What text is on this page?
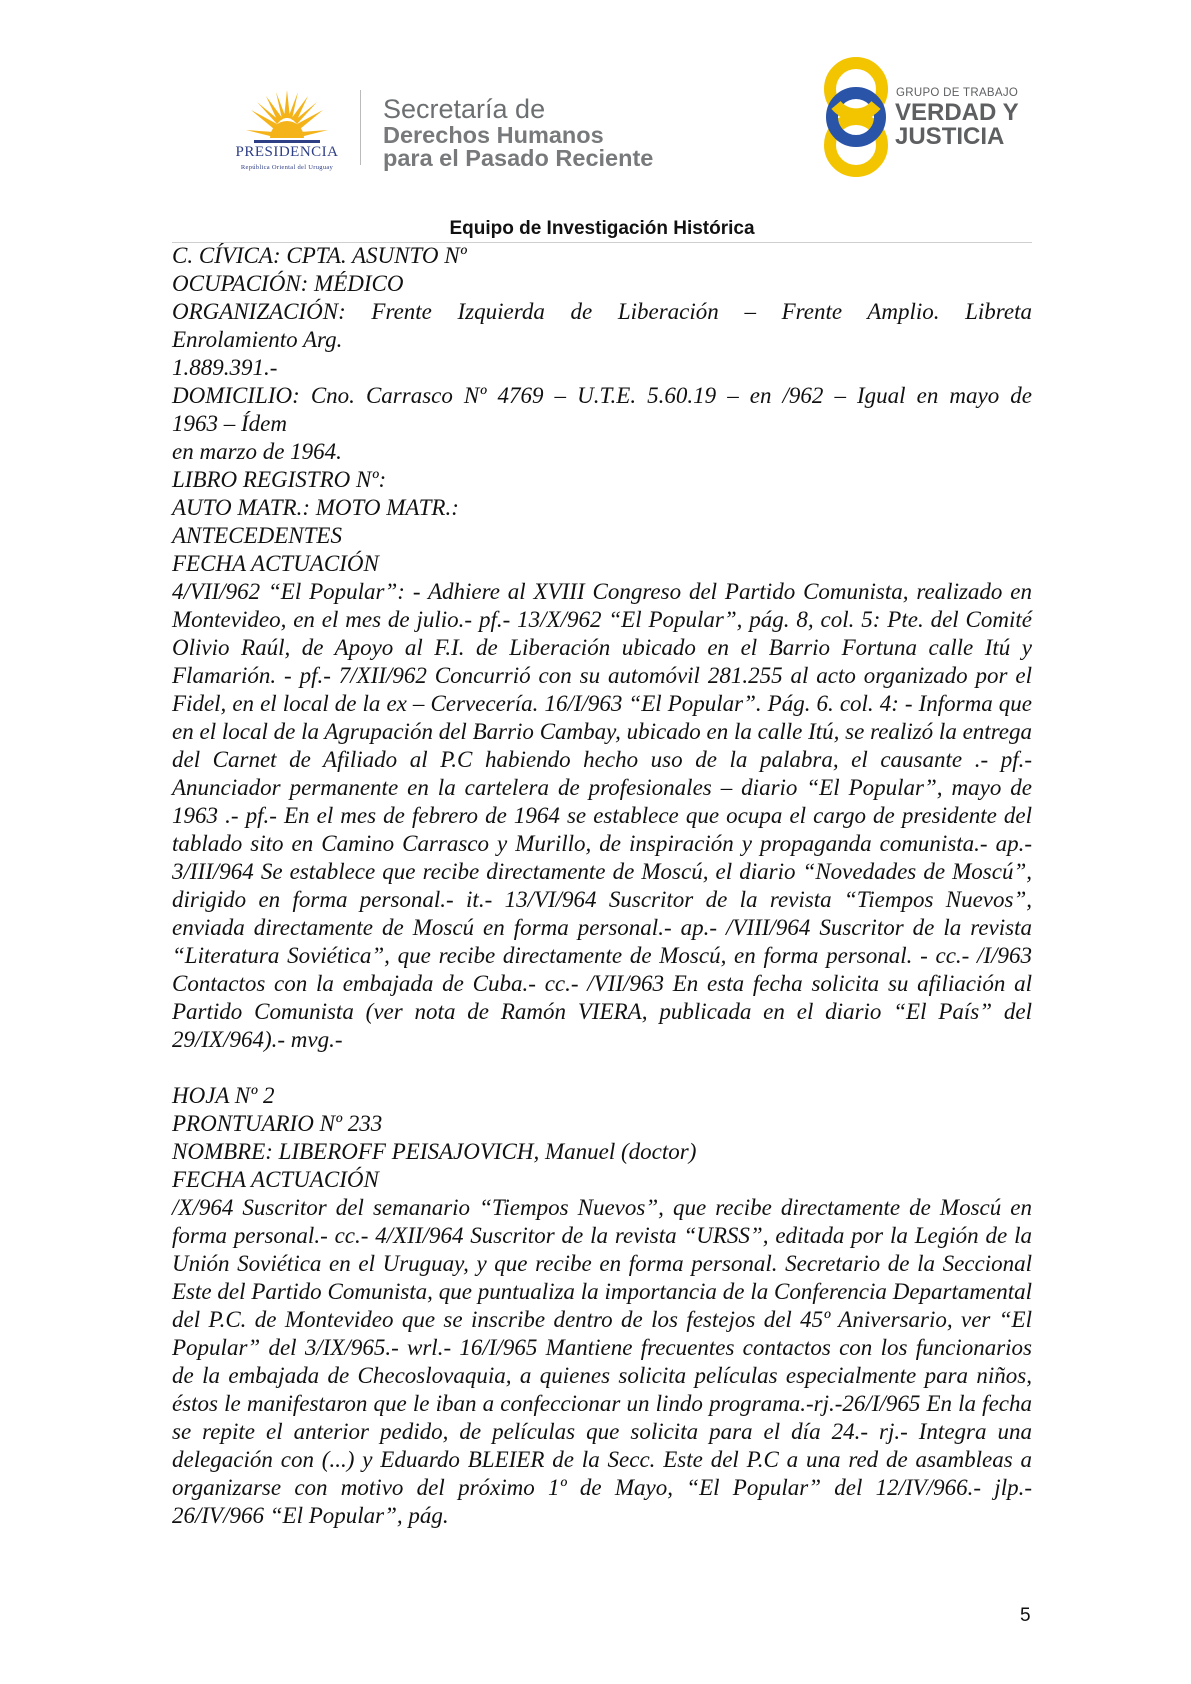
PRESIDENCIA
República Oriental del Uruguay
Secretaría de
Derechos Humanos
para el Pasado Reciente
GRUPO DE TRABAJO
VERDAD Y
JUSTICIA
Equipo de Investigación Histórica

C. CÍVICA: CPTA. ASUNTO Nº

OCUPACIÓN: MÉDICO

ORGANIZACIÓN: Frente Izquierda de Liberación – Frente Amplio. Libreta

Enrolamiento Arg.

1.889.391.-

DOMICILIO: Cno. Carrasco Nº 4769 – U.T.E. 5.60.19 – en /962 – Igual en mayo de

1963 – Ídem

en marzo de 1964.

LIBRO REGISTRO Nº:

AUTO MATR.: MOTO MATR.:

ANTECEDENTES

FECHA ACTUACIÓN

4/VII/962 “El Popular”: - Adhiere al XVIII Congreso del Partido Comunista, realizado en Montevideo, en el mes de julio.- pf.- 13/X/962 “El Popular”, pág. 8, col. 5: Pte. del Comité Olivio Raúl, de Apoyo al F.I. de Liberación ubicado en el Barrio Fortuna calle Itú y Flamarión. - pf.- 7/XII/962 Concurrió con su automóvil 281.255 al acto organizado por el Fidel, en el local de la ex – Cervecería. 16/I/963 “El Popular”. Pág. 6. col. 4: - Informa que en el local de la Agrupación del Barrio Cambay, ubicado en la calle Itú, se realizó la entrega del Carnet de Afiliado al P.C habiendo hecho uso de la palabra, el causante .- pf.- Anunciador permanente en la cartelera de profesionales – diario “El Popular”, mayo de 1963 .- pf.- En el mes de febrero de 1964 se establece que ocupa el cargo de presidente del tablado sito en Camino Carrasco y Murillo, de inspiración y propaganda comunista.- ap.- 3/III/964 Se establece que recibe directamente de Moscú, el diario “Novedades de Moscú”, dirigido en forma personal.- it.- 13/VI/964 Suscritor de la revista “Tiempos Nuevos”, enviada directamente de Moscú en forma personal.- ap.- /VIII/964 Suscritor de la revista “Literatura Soviética”, que recibe directamente de Moscú, en forma personal. - cc.- /I/963 Contactos con la embajada de Cuba.- cc.- /VII/963 En esta fecha solicita su afiliación al Partido Comunista (ver nota de Ramón VIERA, publicada en el diario “El País” del 29/IX/964).- mvg.-

HOJA Nº 2

PRONTUARIO Nº 233

NOMBRE: LIBEROFF PEISAJOVICH, Manuel (doctor)

FECHA ACTUACIÓN

/X/964 Suscritor del semanario “Tiempos Nuevos”, que recibe directamente de Moscú en forma personal.- cc.- 4/XII/964 Suscritor de la revista “URSS”, editada por la Legión de la Unión Soviética en el Uruguay, y que recibe en forma personal. Secretario de la Seccional Este del Partido Comunista, que puntualiza la importancia de la Conferencia Departamental del P.C. de Montevideo que se inscribe dentro de los festejos del 45º Aniversario, ver “El Popular” del 3/IX/965.- wrl.- 16/I/965 Mantiene frecuentes contactos con los funcionarios de la embajada de Checoslovaquia, a quienes solicita películas especialmente para niños, éstos le manifestaron que le iban a confeccionar un lindo programa.-rj.-26/I/965 En la fecha se repite el anterior pedido, de películas que solicita para el día 24.- rj.- Integra una delegación con (...) y Eduardo BLEIER de la Secc. Este del P.C a una red de asambleas a organizarse con motivo del próximo 1º de Mayo, “El Popular” del 12/IV/966.- jlp.- 26/IV/966 “El Popular”, pág.

5
